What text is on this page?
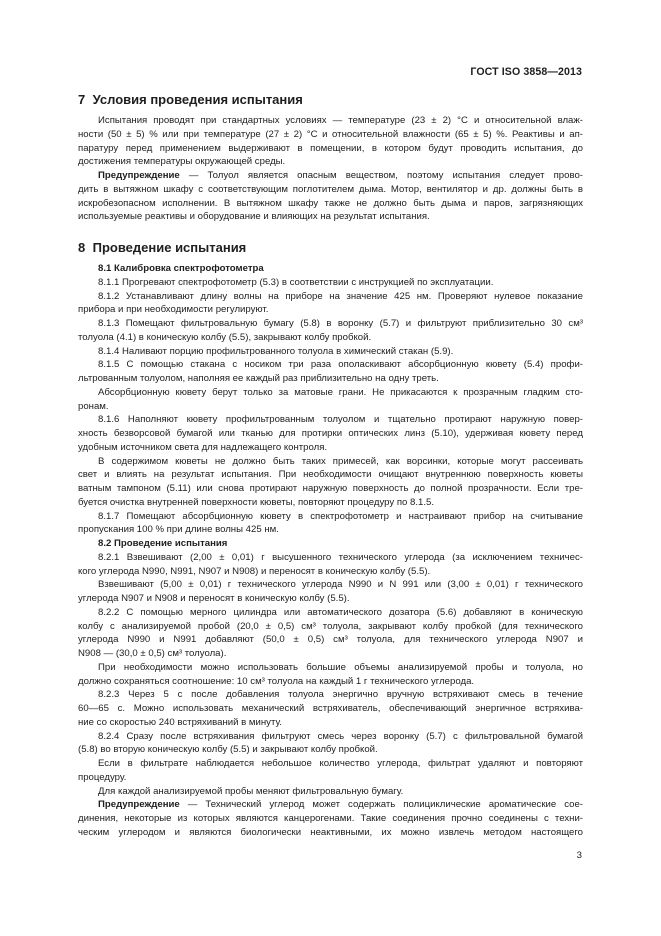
ГОСТ ISO 3858—2013
7 Условия проведения испытания

Испытания проводят при стандартных условиях — температуре (23 ± 2) °С и относительной влаж-
ности (50 ± 5) % или при температуре (27 ± 2) °С и относительной влажности (65 ± 5) %. Реактивы и ап-
паратуру перед применением выдерживают в помещении, в котором будут проводить испытания, до
достижения температуры окружающей среды.

Предупреждение — Толуол является опасным веществом, поэтому испытания следует прово-
дить в вытяжном шкафу с соответствующим поглотителем дыма. Мотор, вентилятор и др. должны быть в
искробезопасном исполнении. В вытяжном шкафу также не должно быть дыма и паров, загрязняющих
используемые реактивы и оборудование и влияющих на результат испытания.

8 Проведение испытания
8.1 Калибровка спектрофотометра

8.1.1 Прогревают спектрофотометр (5.3) в соответствии с инструкцией по эксплуатации.

8.1.2 Устанавливают длину волны на приборе на значение 425 нм. Проверяют нулевое показание
прибора и при необходимости регулируют.

8.1.3 Помещают фильтровальную бумагу (5.8) в воронку (5.7) и фильтруют приблизительно 30 см³
толуола (4.1) в коническую колбу (5.5), закрывают колбу пробкой.

8.1.4 Наливают порцию профильтрованного толуола в химический стакан (5.9).

8.1.5 С помощью стакана с носиком три раза ополаскивают абсорбционную кювету (5.4) профи-
льтрованным толуолом, наполняя ее каждый раз приблизительно на одну треть.

Абсорбционную кювету берут только за матовые грани. Не прикасаются к прозрачным гладким сто-
ронам.

8.1.6 Наполняют кювету профильтрованным толуолом и тщательно протирают наружную повер-
хность безворсовой бумагой или тканью для протирки оптических линз (5.10), удерживая кювету перед
удобным источником света для надлежащего контроля.

В содержимом кюветы не должно быть таких примесей, как ворсинки, которые могут рассеивать
свет и влиять на результат испытания. При необходимости очищают внутреннюю поверхность кюветы
ватным тампоном (5.11) или снова протирают наружную поверхность до полной прозрачности. Если тре-
буется очистка внутренней поверхности кюветы, повторяют процедуру по 8.1.5.

8.1.7 Помещают абсорбционную кювету в спектрофотометр и настраивают прибор на считывание
пропускания 100 % при длине волны 425 нм.

8.2 Проведение испытания

8.2.1 Взвешивают (2,00 ± 0,01) г высушенного технического углерода (за исключением техничес-
кого углерода N990, N991, N907 и N908) и переносят в коническую колбу (5.5).

Взвешивают (5,00 ± 0,01) г технического углерода N990 и N 991 или (3,00 ± 0,01) г технического
углерода N907 и N908 и переносят в коническую колбу (5.5).

8.2.2 С помощью мерного цилиндра или автоматического дозатора (5.6) добавляют в коническую
колбу с анализируемой пробой (20,0 ± 0,5) см³ толуола, закрывают колбу пробкой (для технического
углерода N990 и N991 добавляют (50,0 ± 0,5) см³ толуола, для технического углерода N907 и
N908 — (30,0 ± 0,5) см³ толуола).

При необходимости можно использовать большие объемы анализируемой пробы и толуола, но
должно сохраняться соотношение: 10 см³ толуола на каждый 1 г технического углерода.

8.2.3 Через 5 с после добавления толуола энергично вручную встряхивают смесь в течение
60—65 с. Можно использовать механический встряхиватель, обеспечивающий энергичное встряхива-
ние со скоростью 240 встряхиваний в минуту.

8.2.4 Сразу после встряхивания фильтруют смесь через воронку (5.7) с фильтровальной бумагой
(5.8) во вторую коническую колбу (5.5) и закрывают колбу пробкой.

Если в фильтрате наблюдается небольшое количество углерода, фильтрат удаляют и повторяют
процедуру.

Для каждой анализируемой пробы меняют фильтровальную бумагу.

Предупреждение — Технический углерод может содержать полициклические ароматические сое-
динения, некоторые из которых являются канцерогенами. Такие соединения прочно соединены с техни-
ческим углеродом и являются биологически неактивными, их можно извлечь методом настоящего

3
